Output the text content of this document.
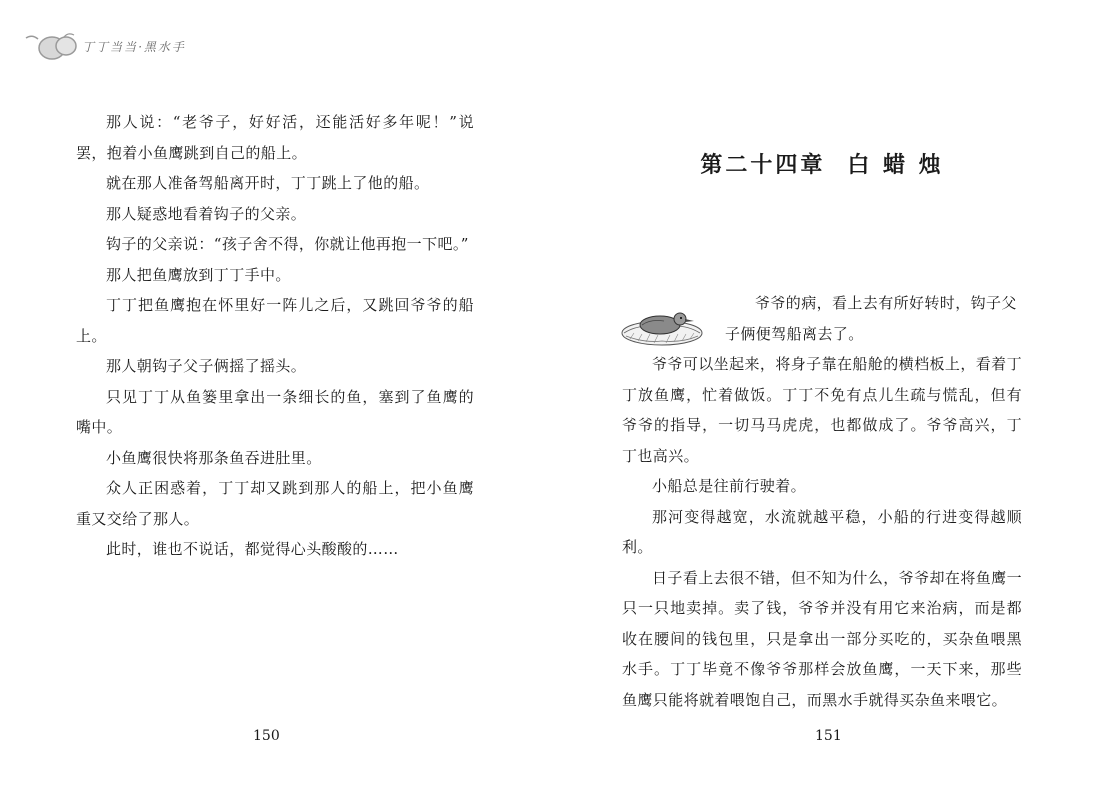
丁丁当当·黑水手

那人说：“老爷子，好好活，还能活好多年呢！”说罢，抱着小鱼鹰跳到自己的船上。

就在那人准备驾船离开时，丁丁跳上了他的船。

那人疑惑地看着钩子的父亲。

钩子的父亲说：“孩子舍不得，你就让他再抱一下吧。”

那人把鱼鹰放到丁丁手中。

丁丁把鱼鹰抱在怀里好一阵儿之后，又跳回爷爷的船上。

那人朝钩子父子俩摇了摇头。

只见丁丁从鱼篓里拿出一条细长的鱼，塞到了鱼鹰的嘴中。

小鱼鹰很快将那条鱼吞进肚里。

众人正困惑着，丁丁却又跳到那人的船上，把小鱼鹰重又交给了那人。

此时，谁也不说话，都觉得心头酸酸的……

150
第二十四章 白 蜡 烛

爷爷的病，看上去有所好转时，钩子父

子俩便驾船离去了。

爷爷可以坐起来，将身子靠在船舱的横档板上，看着丁丁放鱼鹰，忙着做饭。丁丁不免有点儿生疏与慌乱，但有爷爷的指导，一切马马虎虎，也都做成了。爷爷高兴，丁丁也高兴。

小船总是往前行驶着。

那河变得越宽，水流就越平稳，小船的行进变得越顺利。

日子看上去很不错，但不知为什么，爷爷却在将鱼鹰一只一只地卖掉。卖了钱，爷爷并没有用它来治病，而是都收在腰间的钱包里，只是拿出一部分买吃的，买杂鱼喂黑水手。丁丁毕竟不像爷爷那样会放鱼鹰，一天下来，那些鱼鹰只能将就着喂饱自己，而黑水手就得买杂鱼来喂它。

151
